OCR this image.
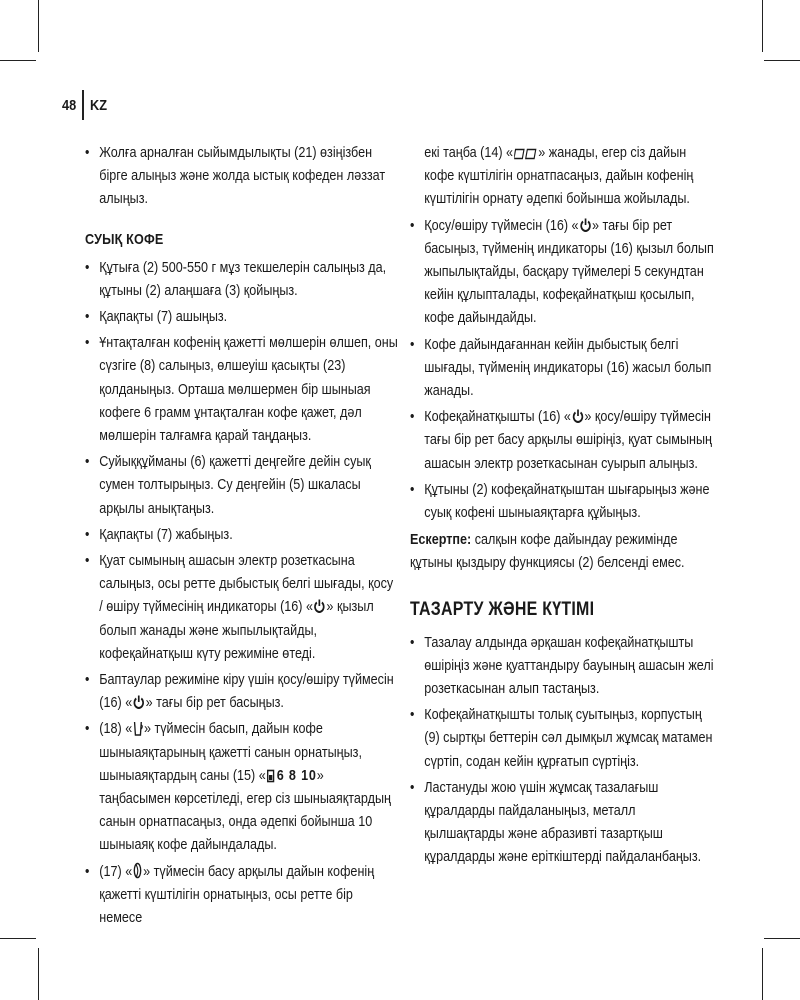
48 KZ
• Жолға арналған сыйымдылықты (21) өзіңізбен бірге алыңыз және жолда ыстық кофеден ләззат алыңыз.
СУЫҚ КОФЕ
• Құтыға (2) 500-550 г мұз текшелерін салыңыз да, құтыны (2) алаңшаға (3) қойыңыз.
• Қақпақты (7) ашыңыз.
• Ұнтақталған кофенің қажетті мөлшерін өлшеп, оны сүзгіге (8) салыңыз, өлшеуіш қасықты (23) қолданыңыз. Орташа мөлшермен бір шыныая кофеге 6 грамм ұнтақталған кофе қажет, дәл мөлшерін талғамға қарай таңдаңыз.
• Суйыққұйманы (6) қажетті деңгейге дейін суық сумен толтырыңыз. Су деңгейін (5) шкаласы арқылы анықтаңыз.
• Қақпақты (7) жабыңыз.
• Қуат сымының ашасын электр розеткасына салыңыз, осы ретте дыбыстық белгі шығады, қосу / өшіру түймесінің индикаторы (16) « » қызыл болып жанады және жыпылықтайды, кофеқайнатқыш күту режиміне өтеді.
• Баптаулар режиміне кіру үшін қосу/өшіру түймесін (16) « » тағы бір рет басыңыз.
• (18) « » түймесін басып, дайын кофе шыныаяқтарының қажетті санын орнатыңыз, шыныаяқтардың саны (15) « 6 8 10» таңбасымен көрсетіледі, егер сіз шыныаяқтардың санын орнатпасаңыз, онда әдепкі бойынша 10 шыныаяқ кофе дайындалады.
• (17) « » түймесін басу арқылы дайын кофенің қажетті күштілігін орнатыңыз, осы ретте бір немесе
екі таңба (14) « » жанады, егер сіз дайын кофе күштілігін орнатпасаңыз, дайын кофенің күштілігін орнату әдепкі бойынша жойылады.
• Қосу/өшіру түймесін (16) « » тағы бір рет басыңыз, түйменің индикаторы (16) қызыл болып жыпылықтайды, басқару түймелері 5 секундтан кейін құлыпталады, кофеқайнатқыш қосылып, кофе дайындайды.
• Кофе дайындағаннан кейін дыбыстық белгі шығады, түйменің индикаторы (16) жасыл болып жанады.
• Кофеқайнатқышты (16) « » қосу/өшіру түймесін тағы бір рет басу арқылы өшіріңіз, қуат сымының ашасын электр розеткасынан суырып алыңыз.
• Құтыны (2) кофеқайнатқыштан шығарыңыз және суық кофені шыныаяқтарға құйыңыз.

Ескертпе: салқын кофе дайындау режимінде құтыны қыздыру функциясы (2) белсенді емес.

ТАЗАРТУ ЖӘНЕ КҮТІМІ
• Тазалау алдында әрқашан кофеқайнатқышты өшіріңіз және қуаттандыру бауының ашасын желі розеткасынан алып тастаңыз.
• Кофеқайнатқышты толық суытыңыз, корпустың (9) сыртқы беттерін сәл дымқыл жұмсақ матамен сүртіп, содан кейін құрғатып сүртіңіз.
• Ластануды жою үшін жұмсақ тазалағыш құралдарды пайдаланыңыз, металл қылшақтарды және абразивті тазартқыш құралдарды және еріткіштерді пайдаланбаңыз.
